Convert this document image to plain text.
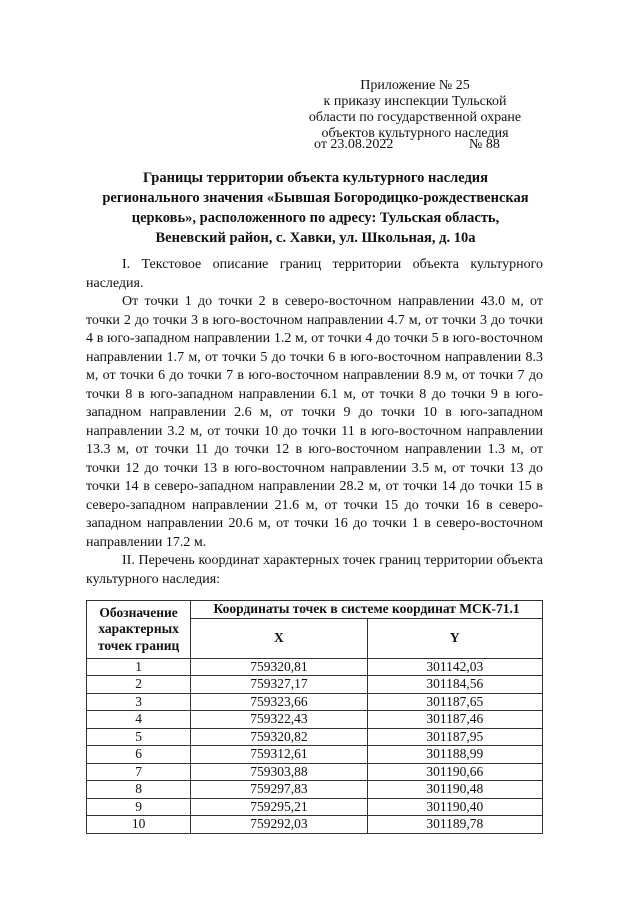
Приложение № 25
к приказу инспекции Тульской
области по государственной охране
объектов культурного наследия
от 23.08.2022	№ 88
Границы территории объекта культурного наследия
регионального значения «Бывшая Богородицко-рождественская
церковь», расположенного по адресу: Тульская область,
Веневский район, с. Хавки, ул. Школьная, д. 10а

I. Текстовое описание границ территории объекта культурного наследия.

От точки 1 до точки 2 в северо-восточном направлении 43.0 м, от точки 2 до точки 3 в юго-восточном направлении 4.7 м, от точки 3 до точки 4 в юго-западном направлении 1.2 м, от точки 4 до точки 5 в юго-восточном направлении 1.7 м, от точки 5 до точки 6 в юго-восточном направлении 8.3 м, от точки 6 до точки 7 в юго-восточном направлении 8.9 м, от точки 7 до точки 8 в юго-западном направлении 6.1 м, от точки 8 до точки 9 в юго-западном направлении 2.6 м, от точки 9 до точки 10 в юго-западном направлении 3.2 м, от точки 10 до точки 11 в юго-восточном направлении 13.3 м, от точки 11 до точки 12 в юго-восточном направлении 1.3 м, от точки 12 до точки 13 в юго-восточном направлении 3.5 м, от точки 13 до точки 14 в северо-западном направлении 28.2 м, от точки 14 до точки 15 в северо-западном направлении 21.6 м, от точки 15 до точки 16 в северо-западном направлении 20.6 м, от точки 16 до точки 1 в северо-восточном направлении 17.2 м.

II. Перечень координат характерных точек границ территории объекта культурного наследия:

Обозначение характерных точек границ	Координаты точек в системе координат МСК-71.1	
	X	Y
1	759320,81	301142,03
2	759327,17	301184,56
3	759323,66	301187,65
4	759322,43	301187,46
5	759320,82	301187,95
6	759312,61	301188,99
7	759303,88	301190,66
8	759297,83	301190,48
9	759295,21	301190,40
10	759292,03	301189,78
